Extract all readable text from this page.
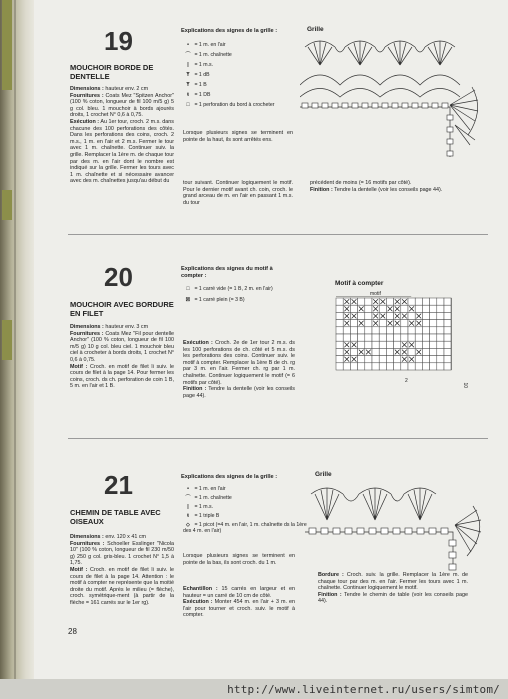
19
MOUCHOIR BORDE DE DENTELLE
Dimensions : hauteur env. 2 cm
Fournitures : Coats Mez "Spitzen Anchor" (100 % coton, longueur de fil 100 m/5 g) 5 g col. bleu. 1 mouchoir à bords ajourés droits, 1 crochet N° 0,6 à 0,75.
Exécution : Au 1er tour, croch. 2 m.s. dans chacune des 100 perforations des côtés. Dans les perforations des coins, croch. 2 m.s., 1 m. en l'air et 2 m.s. Fermer le tour avec 1 m. chaînette. Continuer suiv. la grille. Remplacer la 1ère m. de chaque tour par des m. en l'air dont le nombre est indiqué sur la grille. Fermer les tours avec 1 m. chaînette et si nécessaire avancer avec des m. chaînettes jusqu'au début du
Explications des signes de la grille :
• = 1 m. en l'air
⌒ = 1 m. chaînette
| = 1 m.s.
Ŧ = 1 dB
Ŧ = 1 B
ŧ = 1 DB
□ = 1 perforation du bord à crocheter
Lorsque plusieurs signes se terminent en pointe de la haut, ils sont arrêtés ens.
tour suivant. Continuer logiquement le motif. Pour le dernier motif avant ch. coin, croch. le grand arceau de m. en l'air en passant 1 m.s. du tour
précédent de moins (= 16 motifs par côté).
Finition : Tendre la dentelle (voir les conseils page 44).
Grille
20
MOUCHOIR AVEC BORDURE EN FILET
Dimensions : hauteur env. 3 cm
Fournitures : Coats Mez "Fil pour dentelle Anchor" (100 % coton, longueur de fil 100 m/5 g) 10 g col. bleu ciel. 1 mouchoir bleu ciel à crocheter à bords droits, 1 crochet N° 0,6 à 0,75.
Motif : Croch. en motif de filet li suiv. le cours de filet à la page 14. Pour fermer les coins, croch. ds ch. perforation de coin 1 B, 5 m. en l'air et 1 B.
Explications des signes du motif à compter :
□ = 1 carré vide (= 1 B, 2 m. en l'air)
☒ = 1 carré plein (= 3 B)
Exécution : Croch. 2e de 1er tour 2 m.s. ds les 100 perforations de ch. côté et 5 m.s. ds les perforations des coins. Continuer suiv. le motif à compter. Remplacer la 1ère B de ch. rg par 3 m. en l'air. Fermer ch. rg par 1 m. chaînette. Continuer logiquement le motif (= 6 motifs par côté).
Finition : Tendre la dentelle (voir les conseils page 44).
Motif à compter
motif
2
10
21
CHEMIN DE TABLE AVEC OISEAUX
Dimensions : env. 120 x 41 cm
Fournitures : Schoeller Esslinger "Nicola 10" (100 % coton, longueur de fil 230 m/50 g) 250 g col. gris-bleu. 1 crochet N° 1,5 à 1,75.
Motif : Croch. en motif de filet li suiv. le cours de filet à la page 14. Attention : le motif à compter ne représente que la moitié droite du motif. Après le milieu (= flèche), croch. symétrique-ment (à partir de la flèche = 161 carrés sur le 1er rg).
Explications des signes de la grille :
• = 1 m. en l'air
⌒ = 1 m. chaînette
| = 1 m.s.
ŧ = 1 triple B
◇ = 1 picot (=4 m. en l'air, 1 m. chaînette ds la 1ère des 4 m. en l'air)
Lorsque plusieurs signes se terminent en pointe de la bas, ils sont croch. du 1 m.
Echantillon : 15 carrés en largeur et en hauteur = un carré de 10 cm de côté.
Exécution : Monter 454 m. en l'air + 3 m. en l'air pour tourner et croch. suiv. le motif à compter.
Grille
Bordure : Croch. suiv. la grille. Remplacer la 1ère m. de chaque tour par des m. en l'air. Fermer les tours avec 1 m. chaînette. Continuer logiquement le motif.
Finition : Tendre le chemin de table (voir les conseils page 44).
28
http://www.liveinternet.ru/users/simtom/
